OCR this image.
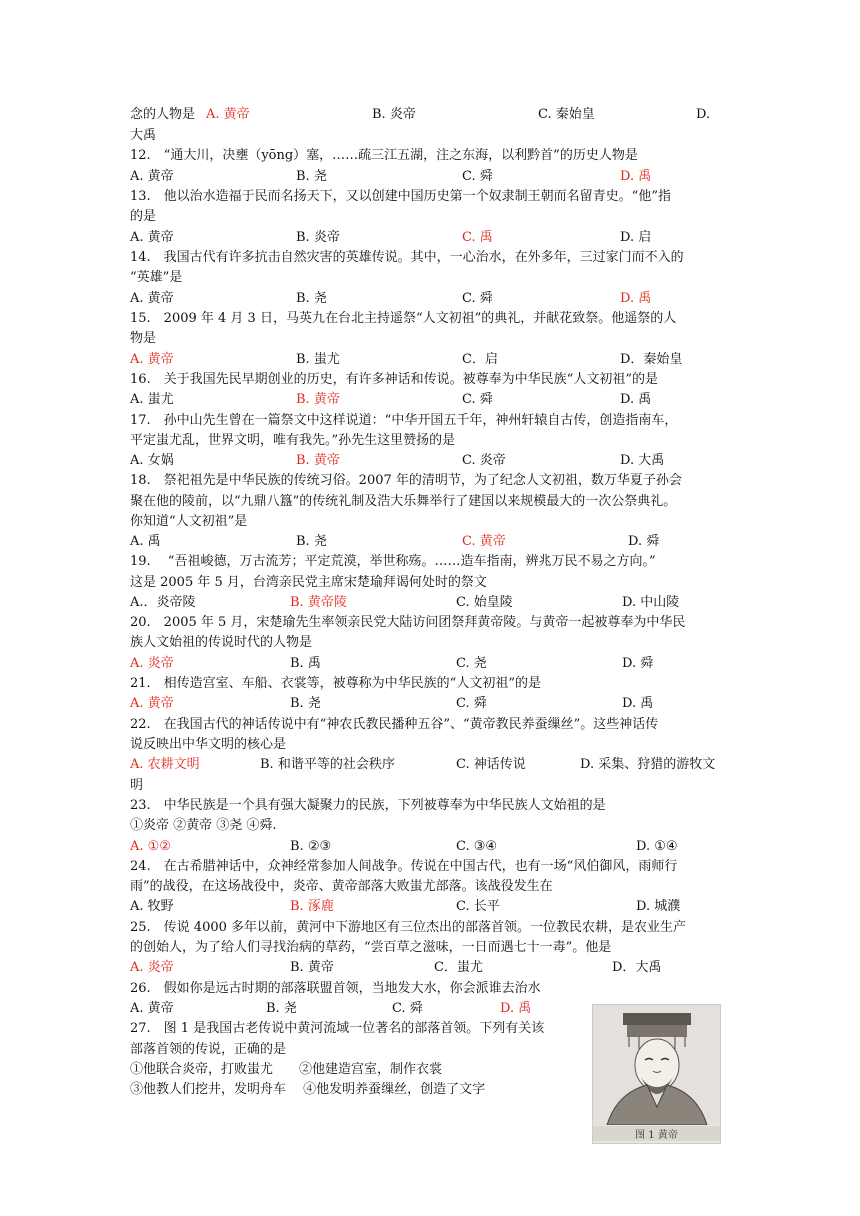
念的人物是 A. 黄帝	B. 炎帝	C. 秦始皇	D.
大禹
12.　“通大川，决壅（yōng）塞，……疏三江五湖，注之东海，以利黔首”的历史人物是
A. 黄帝	B. 尧	C. 舜	D. 禹
13.　他以治水造福于民而名扬天下，又以创建中国历史第一个奴隶制王朝而名留青史。“他”指
的是
A. 黄帝	B. 炎帝	C. 禹	D. 启
14.　我国古代有许多抗击自然灾害的英雄传说。其中，一心治水，在外多年，三过家门而不入的
“英雄”是
A. 黄帝	B. 尧	C. 舜	D. 禹
15.　2009 年 4 月 3 日，马英九在台北主持遥祭“人文初祖”的典礼，并献花致祭。他遥祭的人
物是
A. 黄帝	B. 蚩尤	C．启	D．秦始皇
16.　关于我国先民早期创业的历史，有许多神话和传说。被尊奉为中华民族“人文初祖”的是
A. 蚩尤	B. 黄帝	C. 舜	D. 禹
17.　孙中山先生曾在一篇祭文中这样说道：“中华开国五千年，神州轩辕自古传，创造指南车，
平定蚩尤乱，世界文明，唯有我先。”孙先生这里赞扬的是
A. 女娲	B. 黄帝	C. 炎帝	D. 大禹
18.　祭祀祖先是中华民族的传统习俗。2007 年的清明节，为了纪念人文初祖，数万华夏子孙会
聚在他的陵前，以“九鼎八簋”的传统礼制及浩大乐舞举行了建国以来规模最大的一次公祭典礼。
你知道“人文初祖”是
A. 禹	B. 尧	C. 黄帝	D. 舜
19.　 “吾祖峻德，万古流芳；平定荒漠，举世称殇。……造车指南，辨兆万民不易之方向。”
这是 2005 年 5 月，台湾亲民党主席宋楚瑜拜谒何处时的祭文
A.．炎帝陵	B. 黄帝陵	C. 始皇陵	D. 中山陵
20.　2005 年 5 月，宋楚瑜先生率领亲民党大陆访问团祭拜黄帝陵。与黄帝一起被尊奉为中华民
族人文始祖的传说时代的人物是
A. 炎帝	B. 禹	C. 尧	D. 舜
21.　相传造宫室、车船、衣裳等，被尊称为中华民族的“人文初祖”的是
A. 黄帝	B. 尧	C. 舜	D. 禹
22.　在我国古代的神话传说中有“神农氏教民播种五谷”、“黄帝教民养蚕缫丝”。这些神话传
说反映出中华文明的核心是
A. 农耕文明	B. 和谐平等的社会秩序	C. 神话传说	D. 采集、狩猎的游牧文
明
23.　中华民族是一个具有强大凝聚力的民族，下列被尊奉为中华民族人文始祖的是
①炎帝 ②黄帝 ③尧 ④舜.
A. ①②	B. ②③	C. ③④	D. ①④
24.　在古希腊神话中，众神经常参加人间战争。传说在中国古代，也有一场“风伯御风，雨师行
雨”的战役，在这场战役中，炎帝、黄帝部落大败蚩尤部落。该战役发生在
A. 牧野	B. 涿鹿	C. 长平	D. 城濮
25.　传说 4000 多年以前，黄河中下游地区有三位杰出的部落首领。一位教民农耕，是农业生产
的创始人，为了给人们寻找治病的草药，“尝百草之滋味，一日而遇七十一毒”。他是
A. 炎帝	B. 黄帝	C．蚩尤	D．大禹
26.　假如你是远古时期的部落联盟首领，当地发大水，你会派谁去治水
A. 黄帝	B. 尧	C. 舜	D. 禹
27.　图 1 是我国古老传说中黄河流域一位著名的部落首领。下列有关该
部落首领的传说，正确的是
①他联合炎帝，打败蚩尤　　②他建造宫室，制作衣裳
③他教人们挖井，发明舟车　 ④他发明养蚕缫丝，创造了文字
图 1 黄帝
